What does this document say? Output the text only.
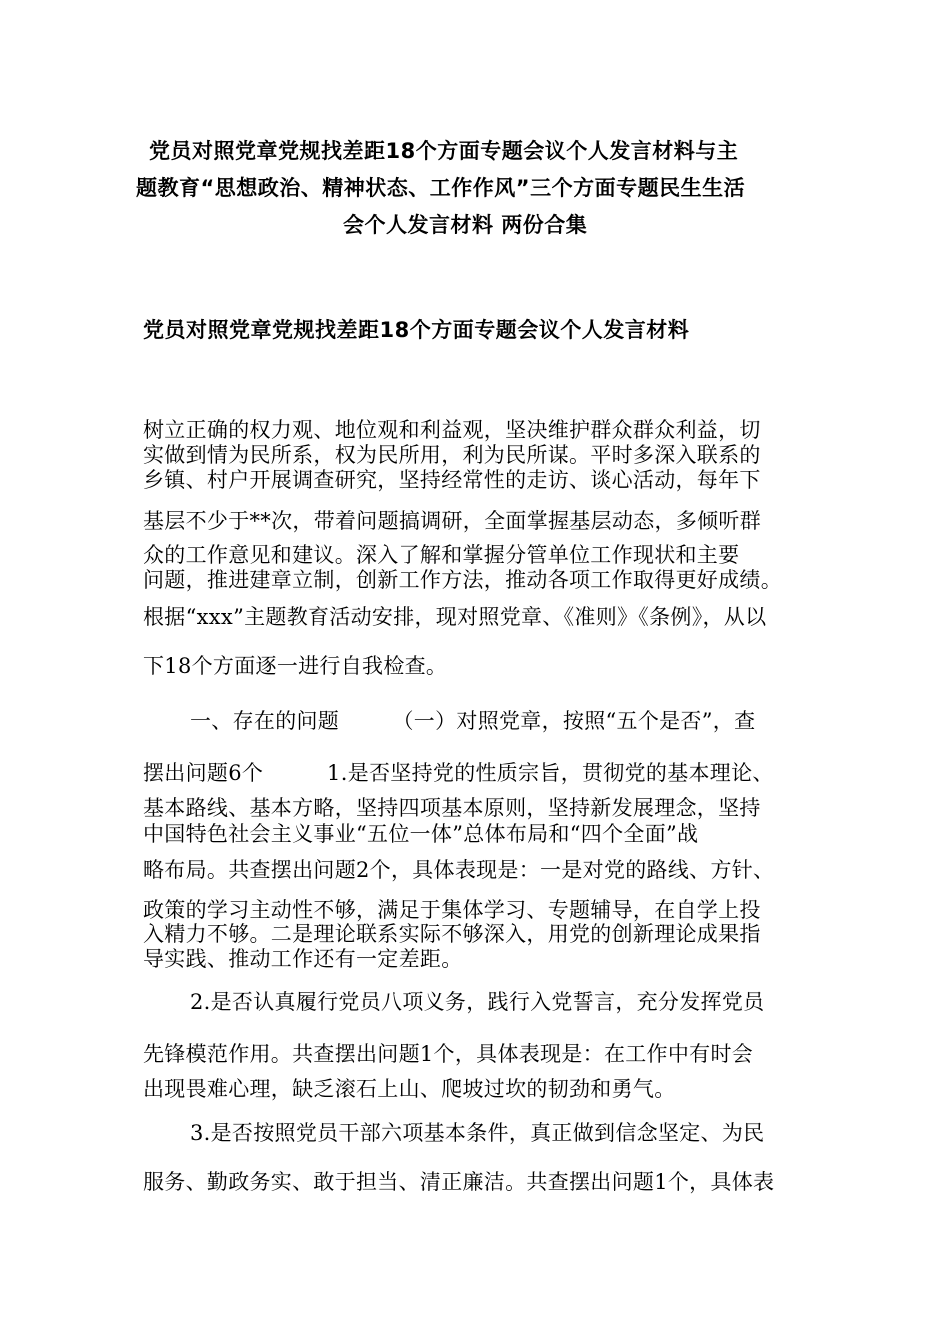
党员对照党章党规找差距18个方面专题会议个人发言材料与主
题教育“思想政治、精神状态、工作作风”三个方面专题民生生活
会个人发言材料 两份合集
党员对照党章党规找差距18个方面专题会议个人发言材料
树立正确的权力观、地位观和利益观，坚决维护群众群众利益，切
实做到情为民所系，权为民所用，利为民所谋。平时多深入联系的
乡镇、村户开展调查研究，坚持经常性的走访、谈心活动，每年下
基层不少于**次，带着问题搞调研，全面掌握基层动态，多倾听群
众的工作意见和建议。深入了解和掌握分管单位工作现状和主要
问题，推进建章立制，创新工作方法，推动各项工作取得更好成绩。
根据“xxx”主题教育活动安排，现对照党章、《准则》《条例》，从以
下18个方面逐一进行自我检查。
一、存在的问题　　　（一）对照党章，按照“五个是否”，查
摆出问题6个　　　1.是否坚持党的性质宗旨，贯彻党的基本理论、
基本路线、基本方略，坚持四项基本原则，坚持新发展理念，坚持
中国特色社会主义事业“五位一体”总体布局和“四个全面”战
略布局。共查摆出问题2个，具体表现是：一是对党的路线、方针、
政策的学习主动性不够，满足于集体学习、专题辅导，在自学上投
入精力不够。二是理论联系实际不够深入，用党的创新理论成果指
导实践、推动工作还有一定差距。
2.是否认真履行党员八项义务，践行入党誓言，充分发挥党员
先锋模范作用。共查摆出问题1个，具体表现是：在工作中有时会
出现畏难心理，缺乏滚石上山、爬坡过坎的韧劲和勇气。
3.是否按照党员干部六项基本条件，真正做到信念坚定、为民
服务、勤政务实、敢于担当、清正廉洁。共查摆出问题1个，具体表
